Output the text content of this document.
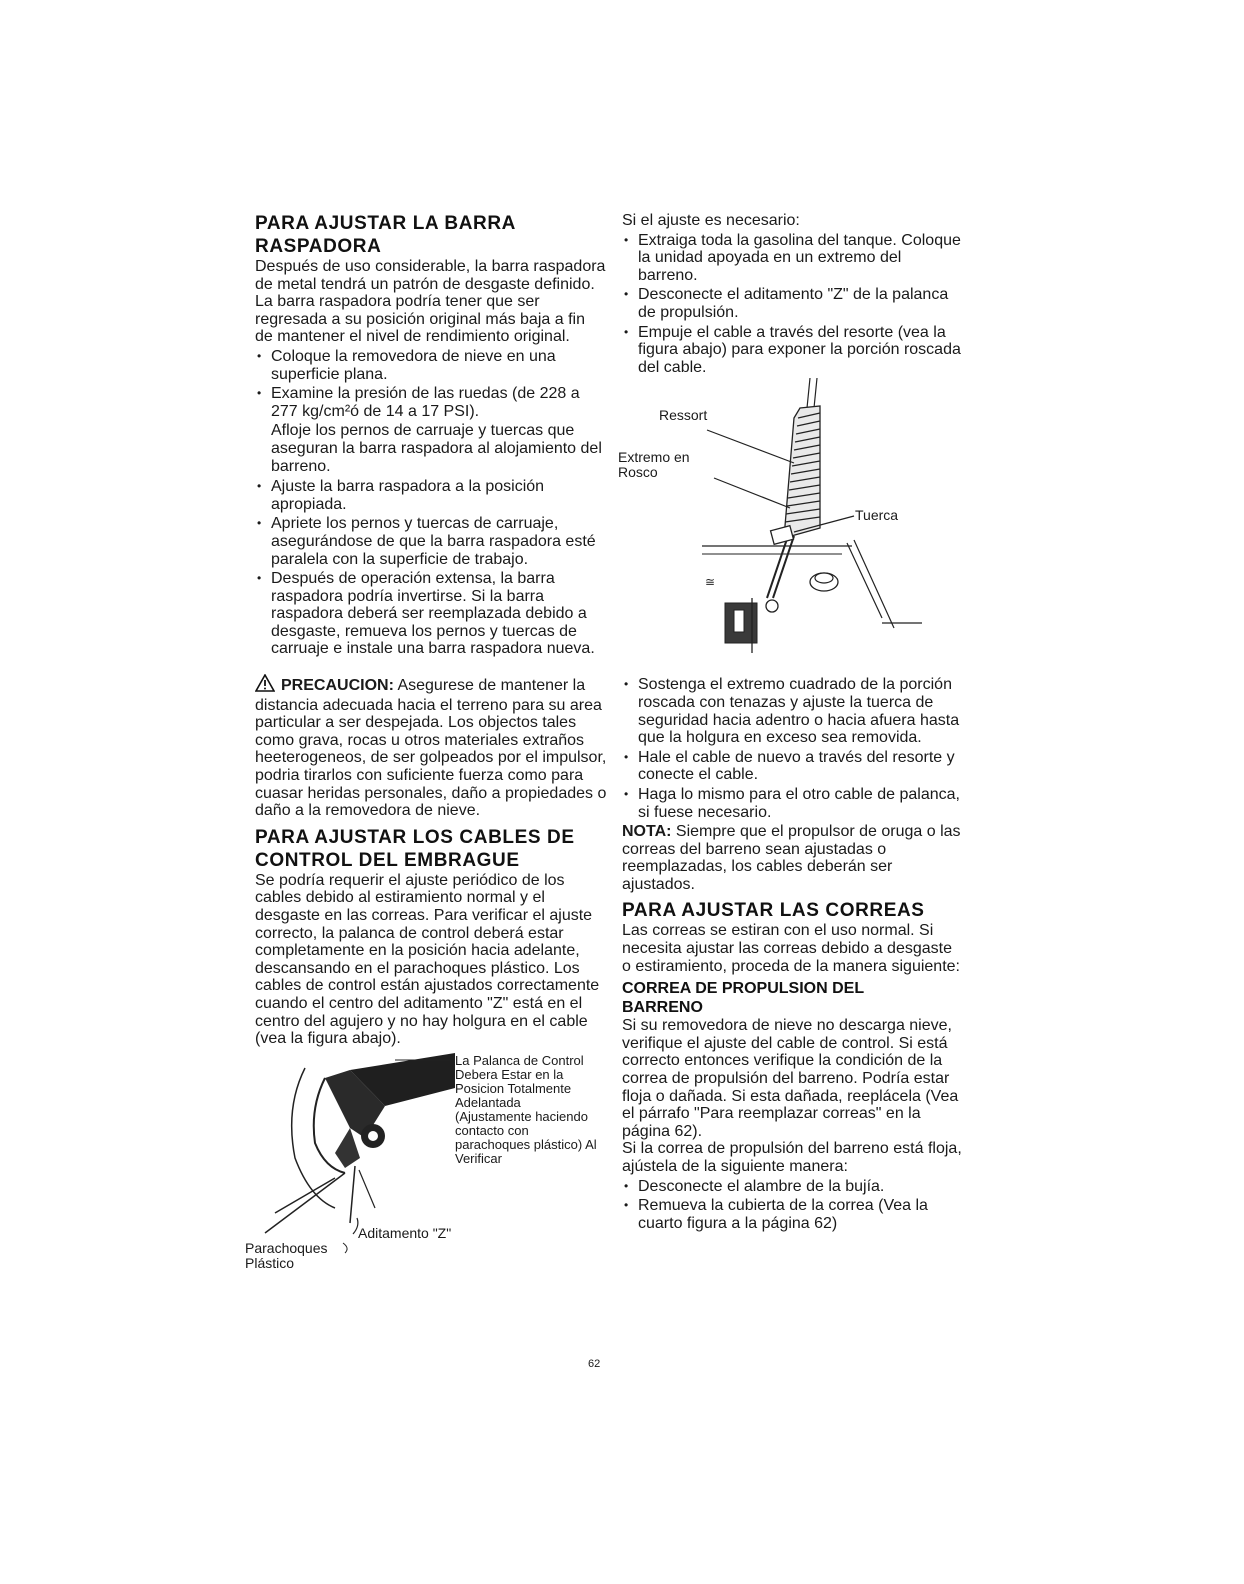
PARA AJUSTAR LA BARRA
RASPADORA

Después de uso considerable, la barra raspadora de metal tendrá un patrón de desgaste definido. La barra raspadora podría tener que ser regresada a su posición original más baja a fin de mantener el nivel de rendimiento original.

• Coloque la removedora de nieve en una superficie plana.
• Examine la presión de las ruedas (de 228 a 277 kg/cm²ó de 14 a 17 PSI).
Afloje los pernos de carruaje y tuercas que aseguran la barra raspadora al alojamiento del barreno.
• Ajuste la barra raspadora a la posición apropiada.
• Apriete los pernos y tuercas de carruaje, asegurándose de que la barra raspadora esté paralela con la superficie de trabajo.
• Después de operación extensa, la barra raspadora podría invertirse. Si la barra raspadora deberá ser reemplazada debido a desgaste, remueva los pernos y tuercas de carruaje e instale una barra raspadora nueva.

PRECAUCION: Asegurese de mantener la distancia adecuada hacia el terreno para su area particular a ser despejada. Los objectos tales como grava, rocas u otros materiales extraños heeterogeneos, de ser golpeados por el impulsor, podria tirarlos con suficiente fuerza como para cuasar heridas personales, daño a propiedades o daño a la removedora de nieve.

PARA AJUSTAR LOS CABLES DE
CONTROL DEL EMBRAGUE

Se podría requerir el ajuste periódico de los cables debido al estiramiento normal y el desgaste en las correas. Para verificar el ajuste correcto, la palanca de control deberá estar completamente en la posición hacia adelante, descansando en el parachoques plástico. Los cables de control están ajustados correctamente cuando el centro del aditamento "Z" está en el centro del agujero y no hay holgura en el cable (vea la figura abajo).

La Palanca de Control Debera Estar en la Posicion Totalmente Adelantada (Ajustamente haciendo contacto con parachoques plástico) Al Verificar
Aditamento "Z"
Parachoques Plástico

Si el ajuste es necesario:

• Extraiga toda la gasolina del tanque. Coloque la unidad apoyada en un extremo del barreno.
• Desconecte el aditamento "Z" de la palanca de propulsión.
• Empuje el cable a través del resorte (vea la figura abajo) para exponer la porción roscada del cable.
≅
Ressort
Extremo en Rosco
Tuerca
• Sostenga el extremo cuadrado de la porción roscada con tenazas y ajuste la tuerca de seguridad hacia adentro o hacia afuera hasta que la holgura en exceso sea removida.
• Hale el cable de nuevo a través del resorte y conecte el cable.
• Haga lo mismo para el otro cable de palanca, si fuese necesario.

NOTA: Siempre que el propulsor de oruga o las correas del barreno sean ajustadas o reemplazadas, los cables deberán ser ajustados.

PARA AJUSTAR LAS CORREAS

Las correas se estiran con el uso normal. Si necesita ajustar las correas debido a desgaste o estiramiento, proceda de la manera siguiente:

CORREA DE PROPULSION DEL
BARRENO

Si su removedora de nieve no descarga nieve, verifique el ajuste del cable de control. Si está correcto entonces verifique la condición de la correa de propulsión del barreno. Podría estar floja o dañada. Si esta dañada, reeplácela (Vea el párrafo "Para reemplazar correas" en la página 62).

Si la correa de propulsión del barreno está floja, ajústela de la siguiente manera:

• Desconecte el alambre de la bujía.
• Remueva la cubierta de la correa (Vea la cuarto figura a la página 62)
62
